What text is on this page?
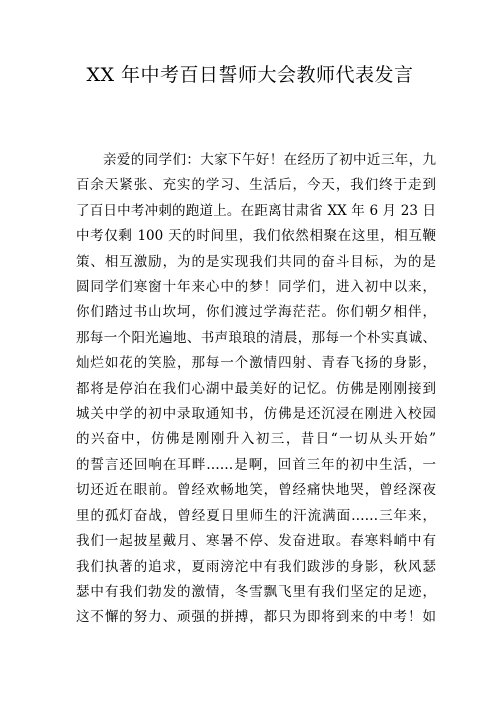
XX 年中考百日誓师大会教师代表发言
亲爱的同学们：大家下午好！在经历了初中近三年，九
百余天紧张、充实的学习、生活后，今天，我们终于走到
了百日中考冲刺的跑道上。在距离甘肃省 XX 年 6 月 23 日
中考仅剩 100 天的时间里，我们依然相聚在这里，相互鞭
策、相互激励，为的是实现我们共同的奋斗目标，为的是
圆同学们寒窗十年来心中的梦！同学们，进入初中以来，
你们踏过书山坎坷，你们渡过学海茫茫。你们朝夕相伴，
那每一个阳光遍地、书声琅琅的清晨，那每一个朴实真诚、
灿烂如花的笑脸，那每一个激情四射、青春飞扬的身影，
都将是停泊在我们心湖中最美好的记忆。仿佛是刚刚接到
城关中学的初中录取通知书，仿佛是还沉浸在刚进入校园
的兴奋中，仿佛是刚刚升入初三，昔日“一切从头开始”
的誓言还回响在耳畔……是啊，回首三年的初中生活，一
切还近在眼前。曾经欢畅地笑，曾经痛快地哭，曾经深夜
里的孤灯奋战，曾经夏日里师生的汗流满面……三年来，
我们一起披星戴月、寒暑不停、发奋进取。春寒料峭中有
我们执著的追求，夏雨滂沱中有我们跋涉的身影，秋风瑟
瑟中有我们勃发的激情，冬雪飘飞里有我们坚定的足迹，
这不懈的努力、顽强的拼搏，都只为即将到来的中考！如
